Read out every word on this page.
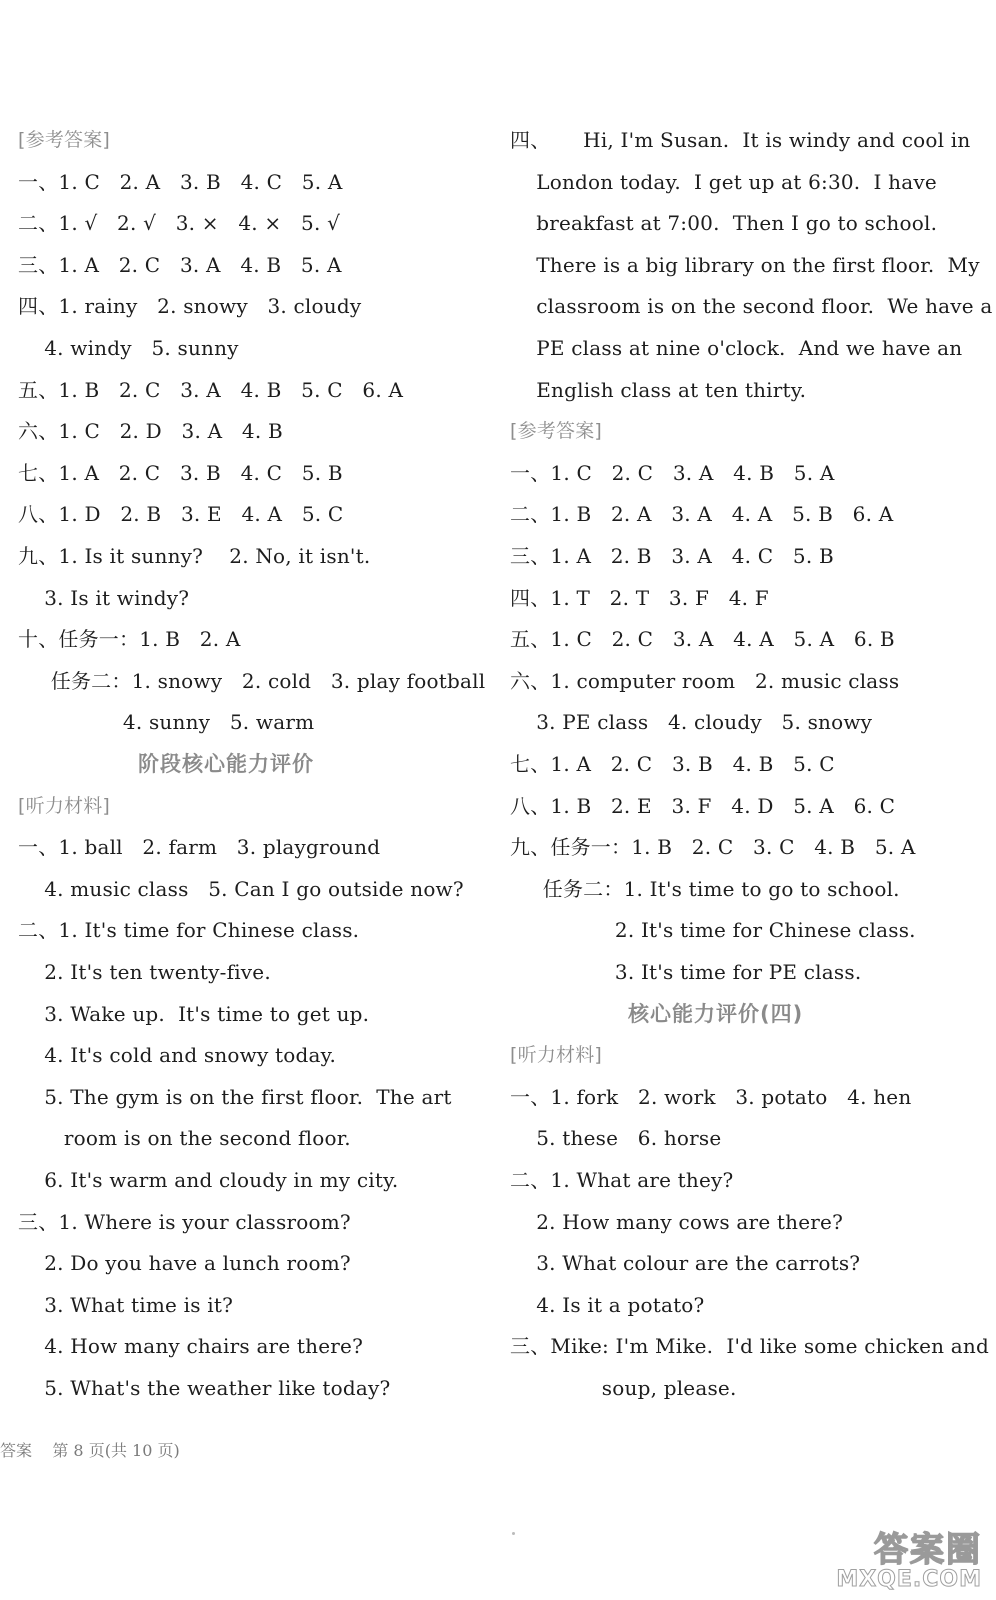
[参考答案]
一、1. C   2. A   3. B   4. C   5. A
二、1. √   2. √   3. ×   4. ×   5. √
三、1. A   2. C   3. A   4. B   5. A
四、1. rainy   2. snowy   3. cloudy
4. windy   5. sunny
五、1. B   2. C   3. A   4. B   5. C   6. A
六、1. C   2. D   3. A   4. B
七、1. A   2. C   3. B   4. C   5. B
八、1. D   2. B   3. E   4. A   5. C
九、1. Is it sunny?    2. No, it isn't.
3. Is it windy?
十、任务一：1. B   2. A
任务二：1. snowy   2. cold   3. play football
4. sunny   5. warm
阶段核心能力评价
[听力材料]
一、1. ball   2. farm   3. playground
4. music class   5. Can I go outside now?
二、1. It's time for Chinese class.
2. It's ten twenty-five.
3. Wake up.  It's time to get up.
4. It's cold and snowy today.
5. The gym is on the first floor.  The art
room is on the second floor.
6. It's warm and cloudy in my city.
三、1. Where is your classroom?
2. Do you have a lunch room?
3. What time is it?
4. How many chairs are there?
5. What's the weather like today?
四、     Hi, I'm Susan.  It is windy and cool in
London today.  I get up at 6:30.  I have
breakfast at 7:00.  Then I go to school.
There is a big library on the first floor.  My
classroom is on the second floor.  We have a
PE class at nine o'clock.  And we have an
English class at ten thirty.
[参考答案]
一、1. C   2. C   3. A   4. B   5. A
二、1. B   2. A   3. A   4. A   5. B   6. A
三、1. A   2. B   3. A   4. C   5. B
四、1. T   2. T   3. F   4. F
五、1. C   2. C   3. A   4. A   5. A   6. B
六、1. computer room   2. music class
3. PE class   4. cloudy   5. snowy
七、1. A   2. C   3. B   4. B   5. C
八、1. B   2. E   3. F   4. D   5. A   6. C
九、任务一：1. B   2. C   3. C   4. B   5. A
任务二：1. It's time to go to school.
2. It's time for Chinese class.
3. It's time for PE class.
核心能力评价(四)
[听力材料]
一、1. fork   2. work   3. potato   4. hen
5. these   6. horse
二、1. What are they?
2. How many cows are there?
3. What colour are the carrots?
4. Is it a potato?
三、Mike: I'm Mike.  I'd like some chicken and
soup, please.
答案    第 8 页(共 10 页)
答案圈
MXQE.COM
